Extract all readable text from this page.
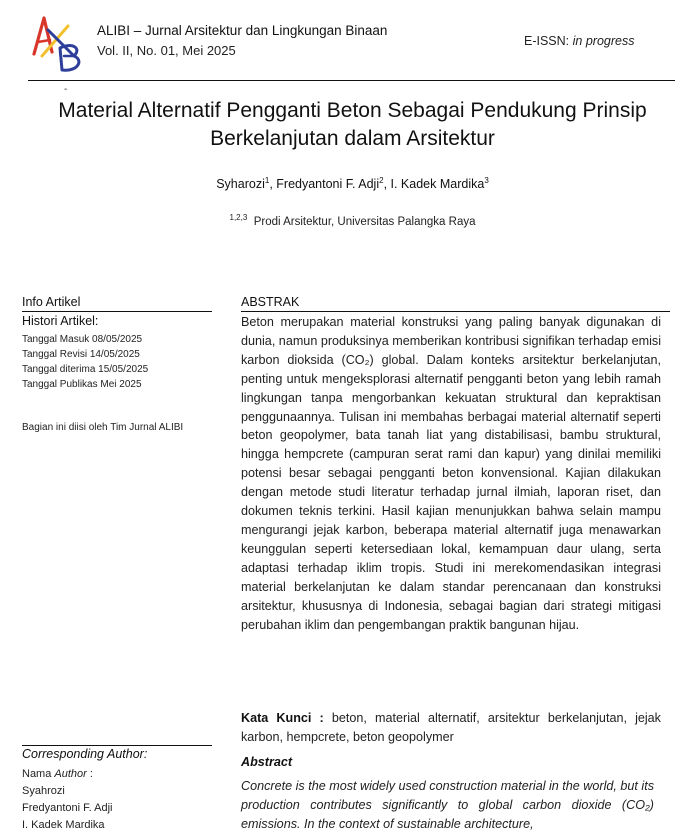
ALIBI – Jurnal Arsitektur dan Lingkungan Binaan
Vol. II, No. 01, Mei 2025
E-ISSN: in progress
-
Material Alternatif Pengganti Beton Sebagai Pendukung Prinsip
Berkelanjutan dalam Arsitektur
Syharozi$^1$, Fredyantoni F. Adji$^2$, I. Kadek Mardika$^3$
$^{1,2,3}$ Prodi Arsitektur, Universitas Palangka Raya
Info Artikel
Histori Artikel:
Tanggal Masuk 08/05/2025
Tanggal Revisi 14/05/2025
Tanggal diterima 15/05/2025
Tanggal Publikas Mei 2025
Bagian ini diisi oleh Tim Jurnal ALIBI
ABSTRAK
Beton merupakan material konstruksi yang paling banyak digunakan di dunia, namun produksinya memberikan kontribusi signifikan terhadap emisi karbon dioksida (CO₂) global. Dalam konteks arsitektur berkelanjutan, penting untuk mengeksplorasi alternatif pengganti beton yang lebih ramah lingkungan tanpa mengorbankan kekuatan struktural dan kepraktisan penggunaannya. Tulisan ini membahas berbagai material alternatif seperti beton geopolymer, bata tanah liat yang distabilisasi, bambu struktural, hingga hempcrete (campuran serat rami dan kapur) yang dinilai memiliki potensi besar sebagai pengganti beton konvensional. Kajian dilakukan dengan metode studi literatur terhadap jurnal ilmiah, laporan riset, dan dokumen teknis terkini. Hasil kajian menunjukkan bahwa selain mampu mengurangi jejak karbon, beberapa material alternatif juga menawarkan keunggulan seperti ketersediaan lokal, kemampuan daur ulang, serta adaptasi terhadap iklim tropis. Studi ini merekomendasikan integrasi material berkelanjutan ke dalam standar perencanaan dan konstruksi arsitektur, khususnya di Indonesia, sebagai bagian dari strategi mitigasi perubahan iklim dan pengembangan praktik bangunan hijau.
Kata Kunci : beton, material alternatif, arsitektur berkelanjutan, jejak karbon, hempcrete, beton geopolymer
Corresponding Author:
Nama Author :
Syahrozi
Fredyantoni F. Adji
I. Kadek Mardika
Abstract
Concrete is the most widely used construction material in the world, but its production contributes significantly to global carbon dioxide (CO₂) emissions. In the context of sustainable architecture,
